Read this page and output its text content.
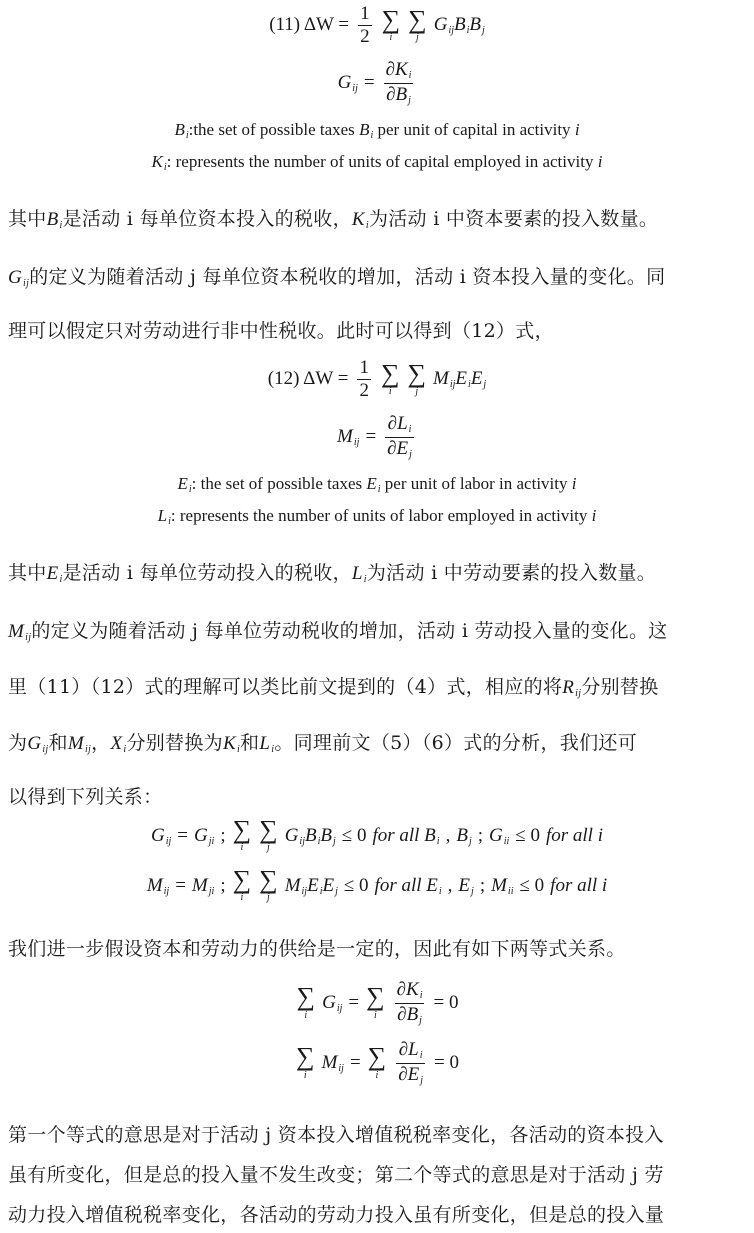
(11) $\Delta W = \frac{1}{2}$ ∑
i
∑
j
$G_{ij}B_iB_j$
$G_{ij} = \frac{\partial K_i}{\partial B_j}$
$B_i:the$ set of possible taxes $B_i$ per unit of capital in activity i
$K_i$: represents the number of units of capital employed in activity i
其中$B_i$是活动 i 每单位资本投入的税收，$K_i$为活动 i 中资本要素的投入数量。
$G_{ij}$的定义为随着活动 j 每单位资本税收的增加，活动 i 资本投入量的变化。同
理可以假定只对劳动进行非中性税收。此时可以得到（12）式，
(12) $\Delta W = \frac{1}{2}$ ∑
i
∑
j
$M_{ij}E_iE_j$
$M_{ij} = \frac{\partial L_i}{\partial E_j}$
$E_i$: the set of possible taxes $E_i$ per unit of labor in activity i
$L_i$: represents the number of units of labor employed in activity i
其中$E_i$是活动 i 每单位劳动投入的税收，$L_i$为活动 i 中劳动要素的投入数量。
$M_{ij}$的定义为随着活动 j 每单位劳动税收的增加，活动 i 劳动投入量的变化。这
里（11）（12）式的理解可以类比前文提到的（4）式，相应的将$R_{ij}$分别替换
为$G_{ij}$和$M_{ij}$，$X_i$分别替换为$K_i$和$L_i$。同理前文（5）（6）式的分析，我们还可
以得到下列关系：
$G_{ij} = G_{ji}$ ; ∑
i
∑
j
$G_{ij}B_iB_j \le 0$ for all $B_i$ , $B_j$ ; $G_{ii} \le 0$ for all i
$M_{ij} = M_{ji}$ ; ∑
i
∑
j
$M_{ij}E_iE_j \le 0$ for all $E_i$ , $E_j$ ; $M_{ii} \le 0$ for all i
我们进一步假设资本和劳动力的供给是一定的，因此有如下两等式关系。
∑
i
$G_{ij}$ = ∑
i $\frac{\partial K_i}{\partial B_j} = 0$
∑
i
$M_{ij}$ = ∑
i $\frac{\partial L_i}{\partial E_j} = 0$
第一个等式的意思是对于活动 j 资本投入增值税税率变化，各活动的资本投入
虽有所变化，但是总的投入量不发生改变；第二个等式的意思是对于活动 j 劳
动力投入增值税税率变化，各活动的劳动力投入虽有所变化，但是总的投入量
